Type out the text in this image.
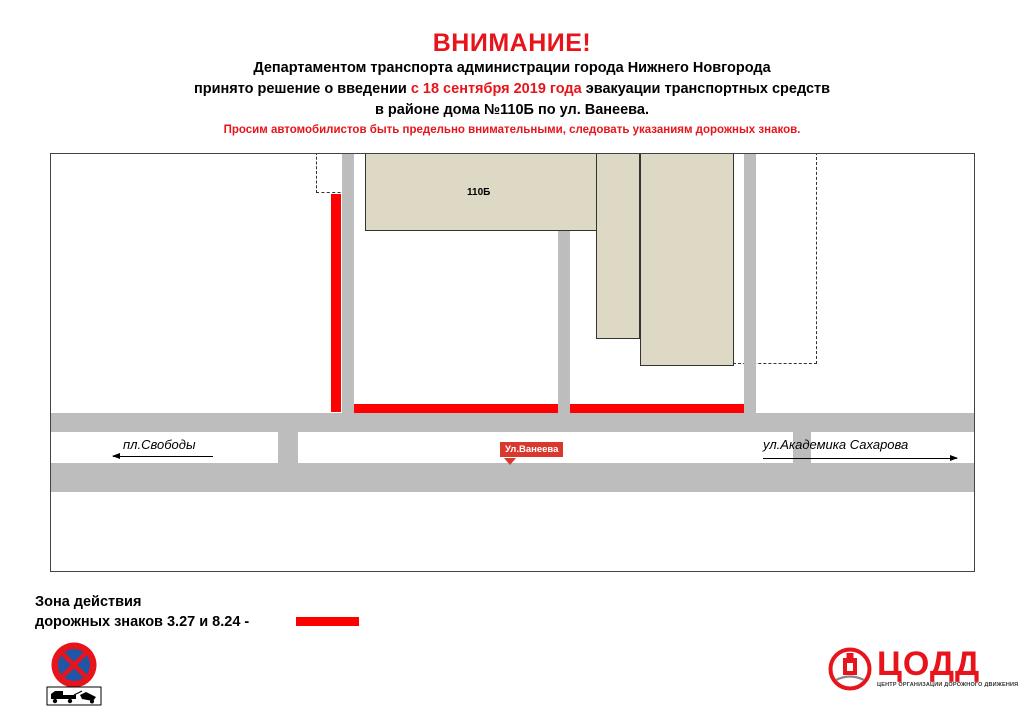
ВНИМАНИЕ!
Департаментом транспорта администрации города Нижнего Новгорода
принято решение о введении с 18 сентября 2019 года эвакуации транспортных средств
в районе дома №110Б по ул. Ванеева.
Просим автомобилистов быть предельно внимательными, следовать указаниям дорожных знаков.
110Б
пл.Свободы	ул.Академика Сахарова
Ул.Ванеева
Зона действия
дорожных знаков 3.27 и 8.24 -
ЦОДД
ЦЕНТР ОРГАНИЗАЦИИ ДОРОЖНОГО ДВИЖЕНИЯ
